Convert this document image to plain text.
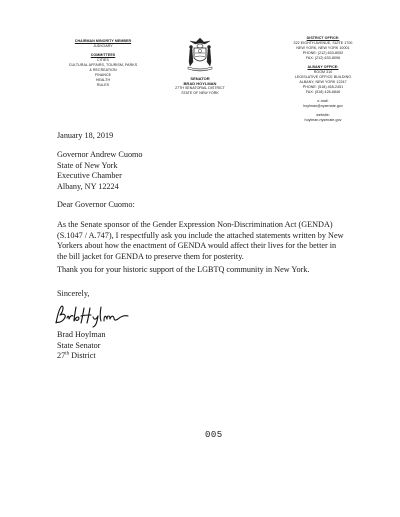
CHAIRMAN MINORITY MEMBER
JUDICIARY
COMMITTEES
CITIES
CULTURAL AFFAIRS, TOURISM, PARKS
& RECREATION
FINANCE
HEALTH
RULES
SENATOR
BRAD HOYLMAN
27TH SENATORIAL DISTRICT
STATE OF NEW YORK
DISTRICT OFFICE:
322 EIGHTH AVENUE, SUITE 1700
NEW YORK, NEW YORK 10001
PHONE: (212) 633-8052
FAX: (212) 633-8096
ALBANY OFFICE:
ROOM 310
LEGISLATIVE OFFICE BUILDING
ALBANY, NEW YORK 12247
PHONE: (518) 455-2451
FAX: (518) 426-6846
e-mail:
hoylman@nysenate.gov
website:
hoylman.nysenate.gov
January 18, 2019
Governor Andrew Cuomo
State of New York
Executive Chamber
Albany, NY 12224
Dear Governor Cuomo:
As the Senate sponsor of the Gender Expression Non-Discrimination Act (GENDA) (S.1047 / A.747), I respectfully ask you include the attached statements written by New Yorkers about how the enactment of GENDA would affect their lives for the better in the bill jacket for GENDA to preserve them for posterity.
Thank you for your historic support of the LGBTQ community in New York.
Sincerely,
Brad Hoylman
State Senator
27th District
005
